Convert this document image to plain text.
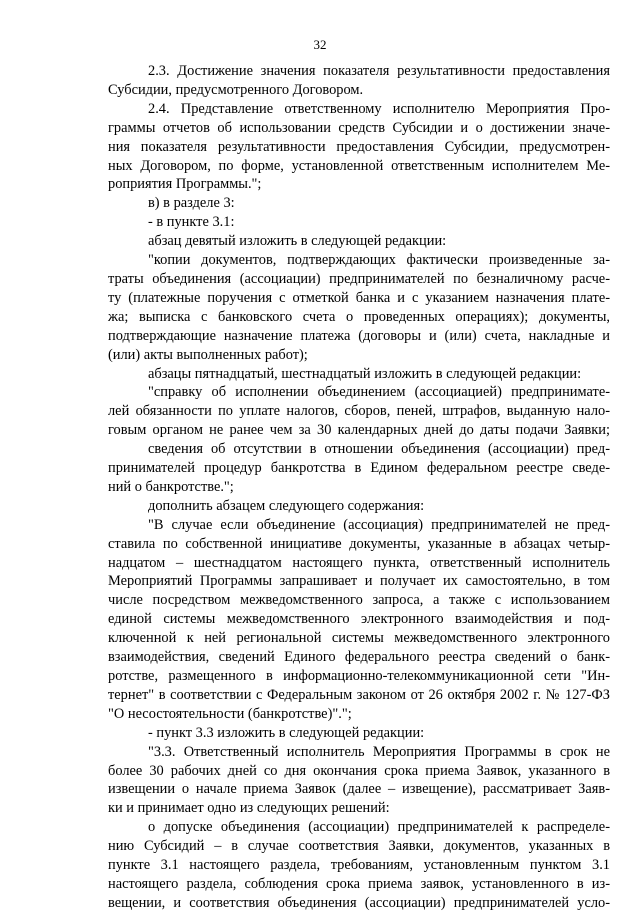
32
2.3. Достижение значения показателя результативности предоставления
Субсидии, предусмотренного Договором.
2.4. Представление ответственному исполнителю Мероприятия Про-
граммы отчетов об использовании средств Субсидии и о достижении значе-
ния показателя результативности предоставления Субсидии, предусмотрен-
ных Договором, по форме, установленной ответственным исполнителем Ме-
роприятия Программы.";
в) в разделе 3:
- в пункте 3.1:
абзац девятый изложить в следующей редакции:
"копии документов, подтверждающих фактически произведенные за-
траты объединения (ассоциации) предпринимателей по безналичному расче-
ту (платежные поручения с отметкой банка и с указанием назначения плате-
жа; выписка с банковского счета о проведенных операциях); документы,
подтверждающие назначение платежа (договоры и (или) счета, накладные и
(или) акты выполненных работ);
абзацы пятнадцатый, шестнадцатый изложить в следующей редакции:
"справку об исполнении объединением (ассоциацией) предпринимате-
лей обязанности по уплате налогов, сборов, пеней, штрафов, выданную нало-
говым органом не ранее чем за 30 календарных дней до даты подачи Заявки;
сведения об отсутствии в отношении объединения (ассоциации) пред-
принимателей процедур банкротства в Едином федеральном реестре сведе-
ний о банкротстве.";
дополнить абзацем следующего содержания:
"В случае если объединение (ассоциация) предпринимателей не пред-
ставила по собственной инициативе документы, указанные в абзацах четыр-
надцатом – шестнадцатом настоящего пункта, ответственный исполнитель
Мероприятий Программы запрашивает и получает их самостоятельно, в том
числе посредством межведомственного запроса, а также с использованием
единой системы межведомственного электронного взаимодействия и под-
ключенной к ней региональной системы межведомственного электронного
взаимодействия, сведений Единого федерального реестра сведений о банк-
ротстве, размещенного в информационно-телекоммуникационной сети "Ин-
тернет" в соответствии с Федеральным законом от 26 октября 2002 г. № 127-ФЗ
"О несостоятельности (банкротстве)".";
- пункт 3.3 изложить в следующей редакции:
"3.3. Ответственный исполнитель Мероприятия Программы в срок не
более 30 рабочих дней со дня окончания срока приема Заявок, указанного в
извещении о начале приема Заявок (далее – извещение), рассматривает Заяв-
ки и принимает одно из следующих решений:
о допуске объединения (ассоциации) предпринимателей к распределе-
нию Субсидий – в случае соответствия Заявки, документов, указанных в
пункте 3.1 настоящего раздела, требованиям, установленным пунктом 3.1
настоящего раздела, соблюдения срока приема заявок, установленного в из-
вещении, и соответствия объединения (ассоциации) предпринимателей усло-
